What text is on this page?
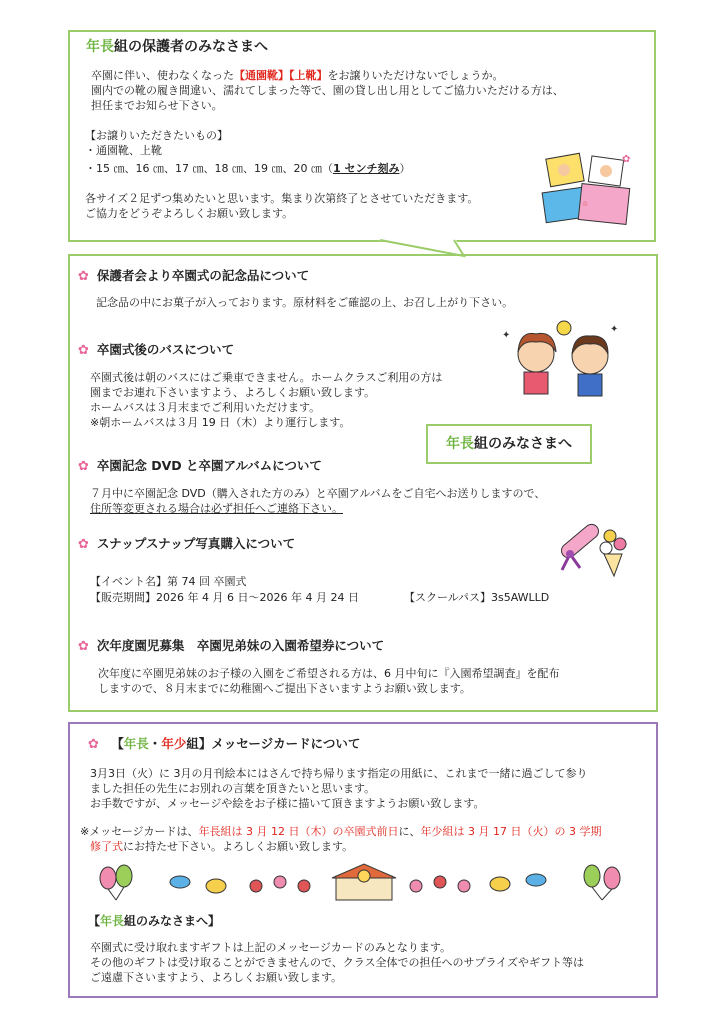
年長組の保護者のみなさまへ

卒園に伴い、使わなくなった【通園靴】【上靴】をお譲りいただけないでしょうか。

園内での靴の履き間違い、濡れてしまった等で、園の貸し出し用としてご協力いただける方は、

担任までお知らせ下さい。

【お譲りいただきたいもの】

・通園靴、上靴

・15 ㎝、16 ㎝、17 ㎝、18 ㎝、19 ㎝、20 ㎝（1 センチ刻み）

各サイズ２足ずつ集めたいと思います。集まり次第終了とさせていただきます。

ご協力をどうぞよろしくお願い致します。

☆
✿
✿ 保護者会より卒園式の記念品について
記念品の中にお菓子が入っております。原材料をご確認の上、お召し上がり下さい。
✿ 卒園式後のバスについて

卒園式後は朝のバスにはご乗車できません。ホームクラスご利用の方は

園までお連れ下さいますよう、よろしくお願い致します。

ホームバスは３月末までご利用いただけます。

※朝ホームバスは３月 19 日（木）より運行します。

✦
✦
年長組のみなさまへ
✿ 卒園記念 DVD と卒園アルバムについて

７月中に卒園記念 DVD（購入された方のみ）と卒園アルバムをご自宅へお送りしますので、

住所等変更される場合は必ず担任へご連絡下さい。

✿ スナップスナップ写真購入について
【イベント名】第 74 回 卒園式
【販売期間】2026 年 4 月 6 日～2026 年 4 月 24 日	【スクールパス】3s5AWLLD
✿ 次年度園児募集　卒園児弟妹の入園希望券について

次年度に卒園児弟妹のお子様の入園をご希望される方は、6 月中旬に『入園希望調査』を配布

しますので、８月末までに幼稚園へご提出下さいますようお願い致します。

✿ 【年長・年少組】メッセージカードについて

3月3日（火）に 3月の月刊絵本にはさんで持ち帰ります指定の用紙に、これまで一緒に過ごして参り

ました担任の先生にお別れの言葉を頂きたいと思います。

お手数ですが、メッセージや絵をお子様に描いて頂きますようお願い致します。

※メッセージカードは、年長組は 3 月 12 日（木）の卒園式前日に、年少組は 3 月 17 日（火）の 3 学期

修了式にお持たせ下さい。よろしくお願い致します。

【年長組のみなさまへ】

卒園式に受け取れますギフトは上記のメッセージカードのみとなります。

その他のギフトは受け取ることができませんので、クラス全体での担任へのサプライズやギフト等は

ご遠慮下さいますよう、よろしくお願い致します。
